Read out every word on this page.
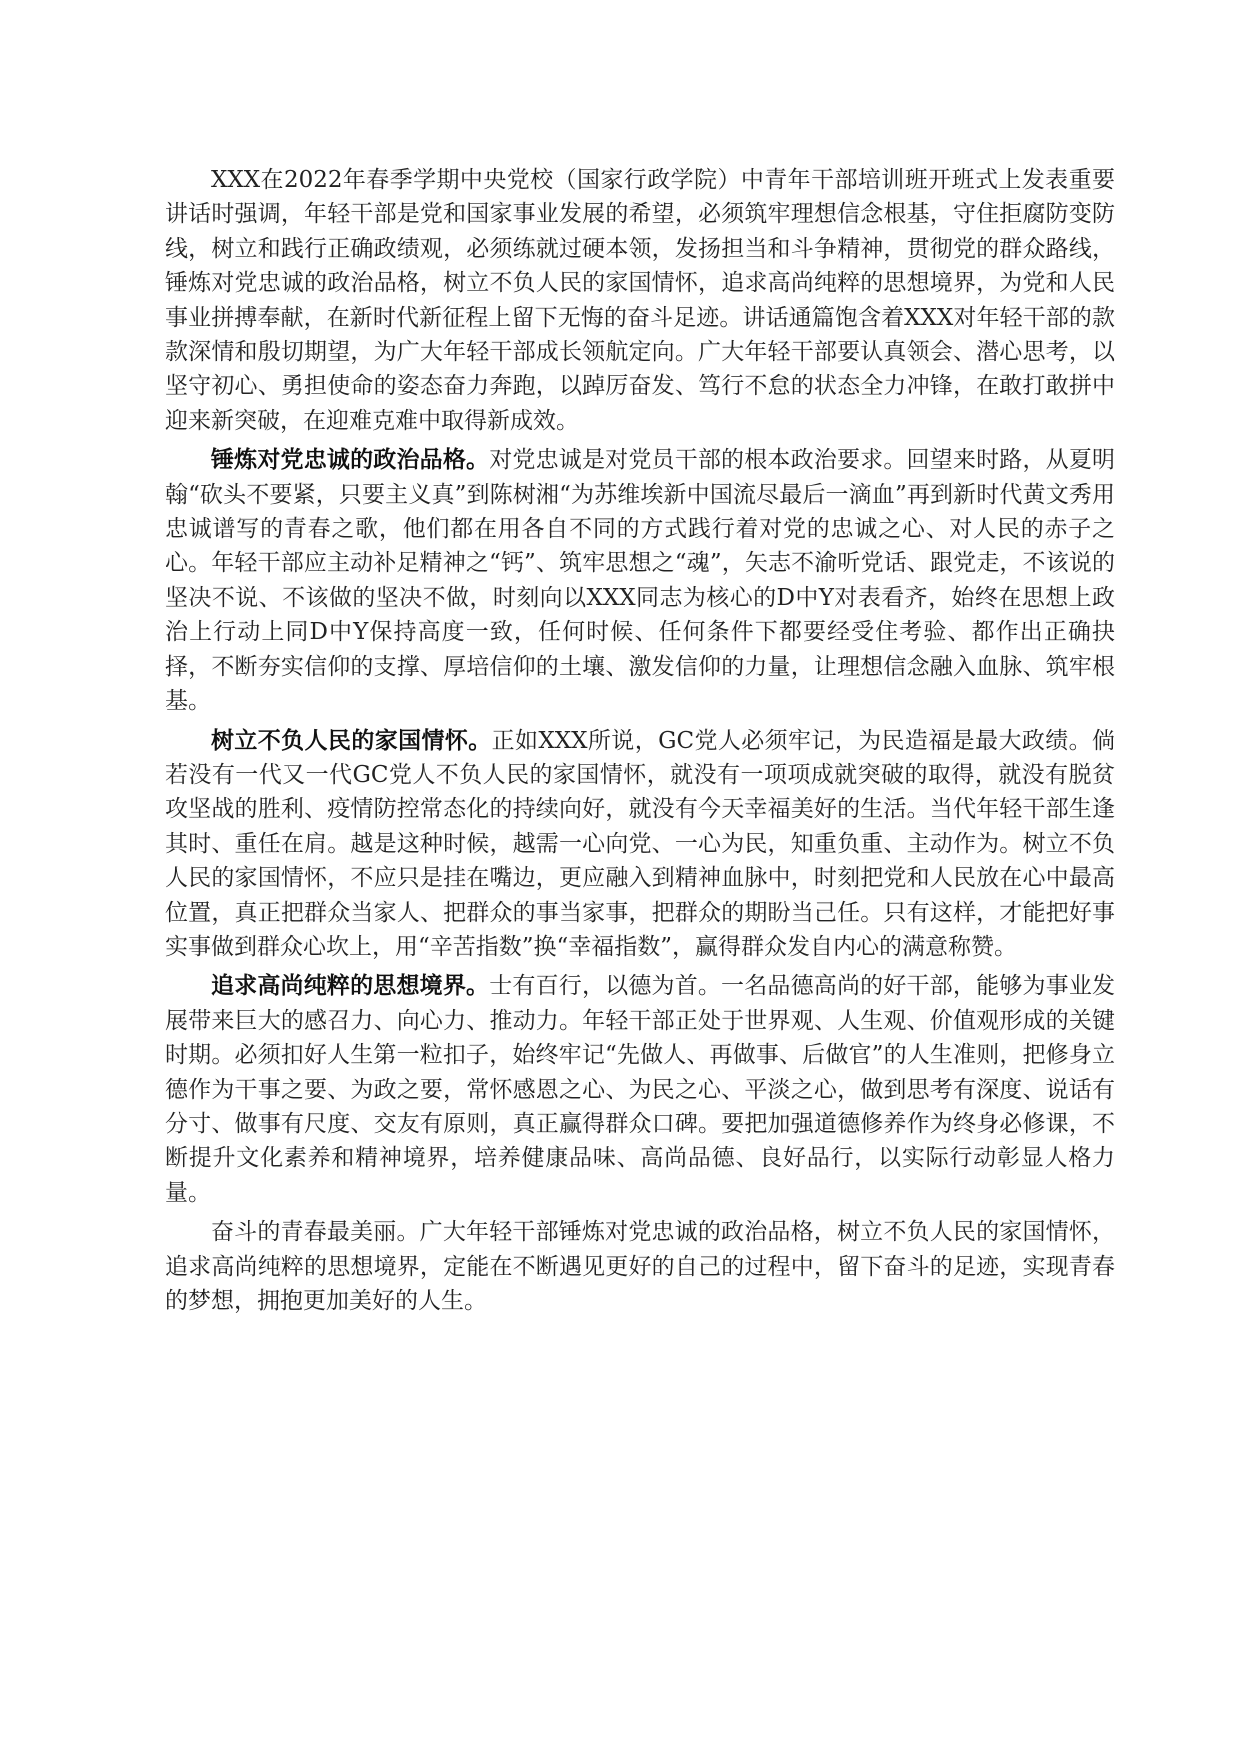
XXX在2022年春季学期中央党校（国家行政学院）中青年干部培训班开班式上发表重要讲话时强调，年轻干部是党和国家事业发展的希望，必须筑牢理想信念根基，守住拒腐防变防线，树立和践行正确政绩观，必须练就过硬本领，发扬担当和斗争精神，贯彻党的群众路线，锤炼对党忠诚的政治品格，树立不负人民的家国情怀，追求高尚纯粹的思想境界，为党和人民事业拼搏奉献，在新时代新征程上留下无悔的奋斗足迹。讲话通篇饱含着XXX对年轻干部的款款深情和殷切期望，为广大年轻干部成长领航定向。广大年轻干部要认真领会、潜心思考，以坚守初心、勇担使命的姿态奋力奔跑，以踔厉奋发、笃行不怠的状态全力冲锋，在敢打敢拼中迎来新突破，在迎难克难中取得新成效。

锤炼对党忠诚的政治品格。对党忠诚是对党员干部的根本政治要求。回望来时路，从夏明翰“砍头不要紧，只要主义真”到陈树湘“为苏维埃新中国流尽最后一滴血”再到新时代黄文秀用忠诚谱写的青春之歌，他们都在用各自不同的方式践行着对党的忠诚之心、对人民的赤子之心。年轻干部应主动补足精神之“钙”、筑牢思想之“魂”，矢志不渝听党话、跟党走，不该说的坚决不说、不该做的坚决不做，时刻向以XXX同志为核心的D中Y对表看齐，始终在思想上政治上行动上同D中Y保持高度一致，任何时候、任何条件下都要经受住考验、都作出正确抉择，不断夯实信仰的支撑、厚培信仰的土壤、激发信仰的力量，让理想信念融入血脉、筑牢根基。

树立不负人民的家国情怀。正如XXX所说，GC党人必须牢记，为民造福是最大政绩。倘若没有一代又一代GC党人不负人民的家国情怀，就没有一项项成就突破的取得，就没有脱贫攻坚战的胜利、疫情防控常态化的持续向好，就没有今天幸福美好的生活。当代年轻干部生逢其时、重任在肩。越是这种时候，越需一心向党、一心为民，知重负重、主动作为。树立不负人民的家国情怀，不应只是挂在嘴边，更应融入到精神血脉中，时刻把党和人民放在心中最高位置，真正把群众当家人、把群众的事当家事，把群众的期盼当己任。只有这样，才能把好事实事做到群众心坎上，用“辛苦指数”换“幸福指数”，赢得群众发自内心的满意称赞。

追求高尚纯粹的思想境界。士有百行，以德为首。一名品德高尚的好干部，能够为事业发展带来巨大的感召力、向心力、推动力。年轻干部正处于世界观、人生观、价值观形成的关键时期。必须扣好人生第一粒扣子，始终牢记“先做人、再做事、后做官”的人生准则，把修身立德作为干事之要、为政之要，常怀感恩之心、为民之心、平淡之心，做到思考有深度、说话有分寸、做事有尺度、交友有原则，真正赢得群众口碑。要把加强道德修养作为终身必修课，不断提升文化素养和精神境界，培养健康品味、高尚品德、良好品行，以实际行动彰显人格力量。

奋斗的青春最美丽。广大年轻干部锤炼对党忠诚的政治品格，树立不负人民的家国情怀，追求高尚纯粹的思想境界，定能在不断遇见更好的自己的过程中，留下奋斗的足迹，实现青春的梦想，拥抱更加美好的人生。
